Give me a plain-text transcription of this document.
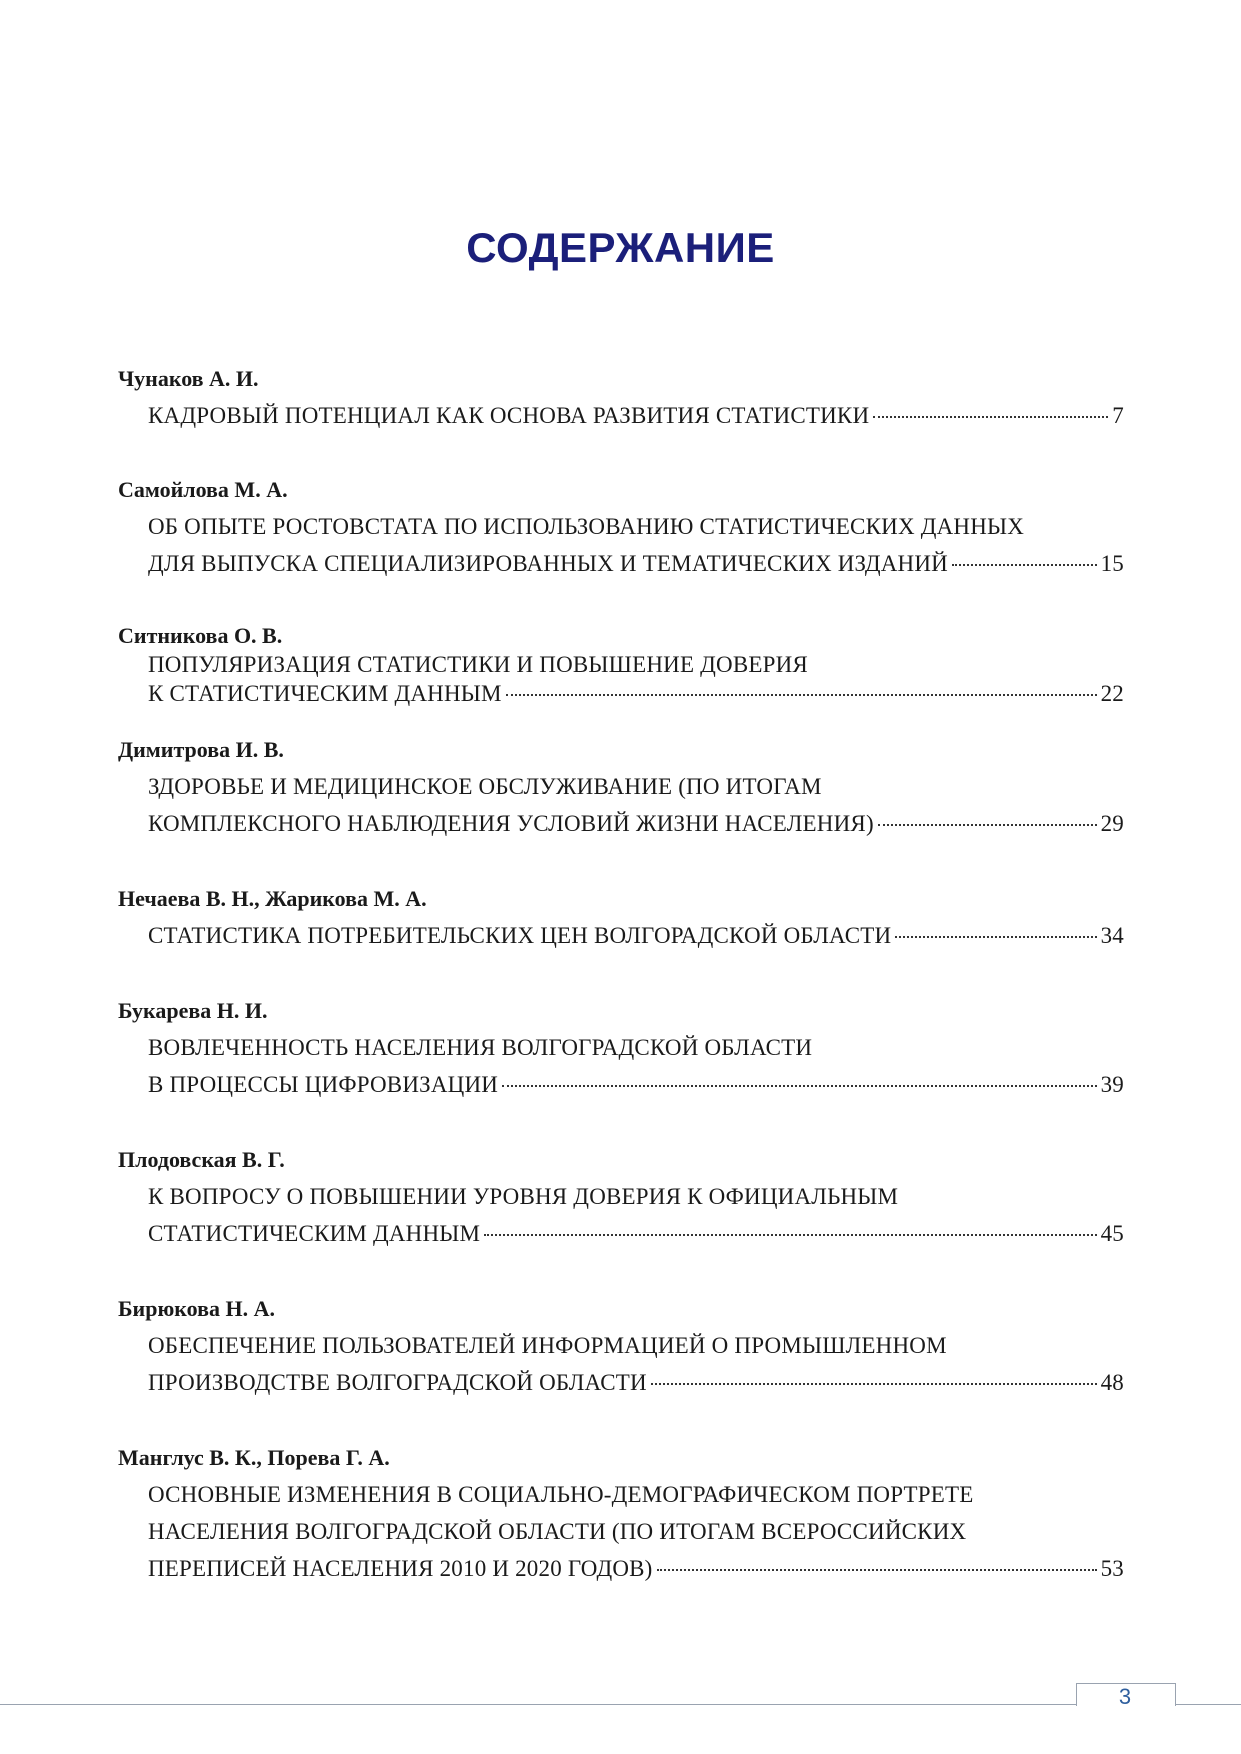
СОДЕРЖАНИЕ
Чунаков А. И.
КАДРОВЫЙ ПОТЕНЦИАЛ КАК ОСНОВА РАЗВИТИЯ СТАТИСТИКИ	7
Самойлова М. А.
ОБ ОПЫТЕ РОСТОВСТАТА ПО ИСПОЛЬЗОВАНИЮ СТАТИСТИЧЕСКИХ ДАННЫХ
ДЛЯ ВЫПУСКА СПЕЦИАЛИЗИРОВАННЫХ И ТЕМАТИЧЕСКИХ ИЗДАНИЙ	15
Ситникова О. В.
ПОПУЛЯРИЗАЦИЯ СТАТИСТИКИ И ПОВЫШЕНИЕ ДОВЕРИЯ
К СТАТИСТИЧЕСКИМ ДАННЫМ	22
Димитрова И. В.
ЗДОРОВЬЕ И МЕДИЦИНСКОЕ ОБСЛУЖИВАНИЕ (ПО ИТОГАМ
КОМПЛЕКСНОГО НАБЛЮДЕНИЯ УСЛОВИЙ ЖИЗНИ НАСЕЛЕНИЯ)	29
Нечаева В. Н., Жарикова М. А.
СТАТИСТИКА ПОТРЕБИТЕЛЬСКИХ ЦЕН ВОЛГОРАДСКОЙ ОБЛАСТИ	34
Букарева Н. И.
ВОВЛЕЧЕННОСТЬ НАСЕЛЕНИЯ ВОЛГОГРАДСКОЙ ОБЛАСТИ
В ПРОЦЕССЫ ЦИФРОВИЗАЦИИ	39
Плодовская В. Г.
К ВОПРОСУ О ПОВЫШЕНИИ УРОВНЯ ДОВЕРИЯ К ОФИЦИАЛЬНЫМ
СТАТИСТИЧЕСКИМ ДАННЫМ	45
Бирюкова Н. А.
ОБЕСПЕЧЕНИЕ ПОЛЬЗОВАТЕЛЕЙ ИНФОРМАЦИЕЙ О ПРОМЫШЛЕННОМ
ПРОИЗВОДСТВЕ ВОЛГОГРАДСКОЙ ОБЛАСТИ	48
Манглус В. К., Порева Г. А.
ОСНОВНЫЕ ИЗМЕНЕНИЯ В СОЦИАЛЬНО-ДЕМОГРАФИЧЕСКОМ ПОРТРЕТЕ
НАСЕЛЕНИЯ ВОЛГОГРАДСКОЙ ОБЛАСТИ (ПО ИТОГАМ ВСЕРОССИЙСКИХ
ПЕРЕПИСЕЙ НАСЕЛЕНИЯ 2010 И 2020 ГОДОВ)	53
3
